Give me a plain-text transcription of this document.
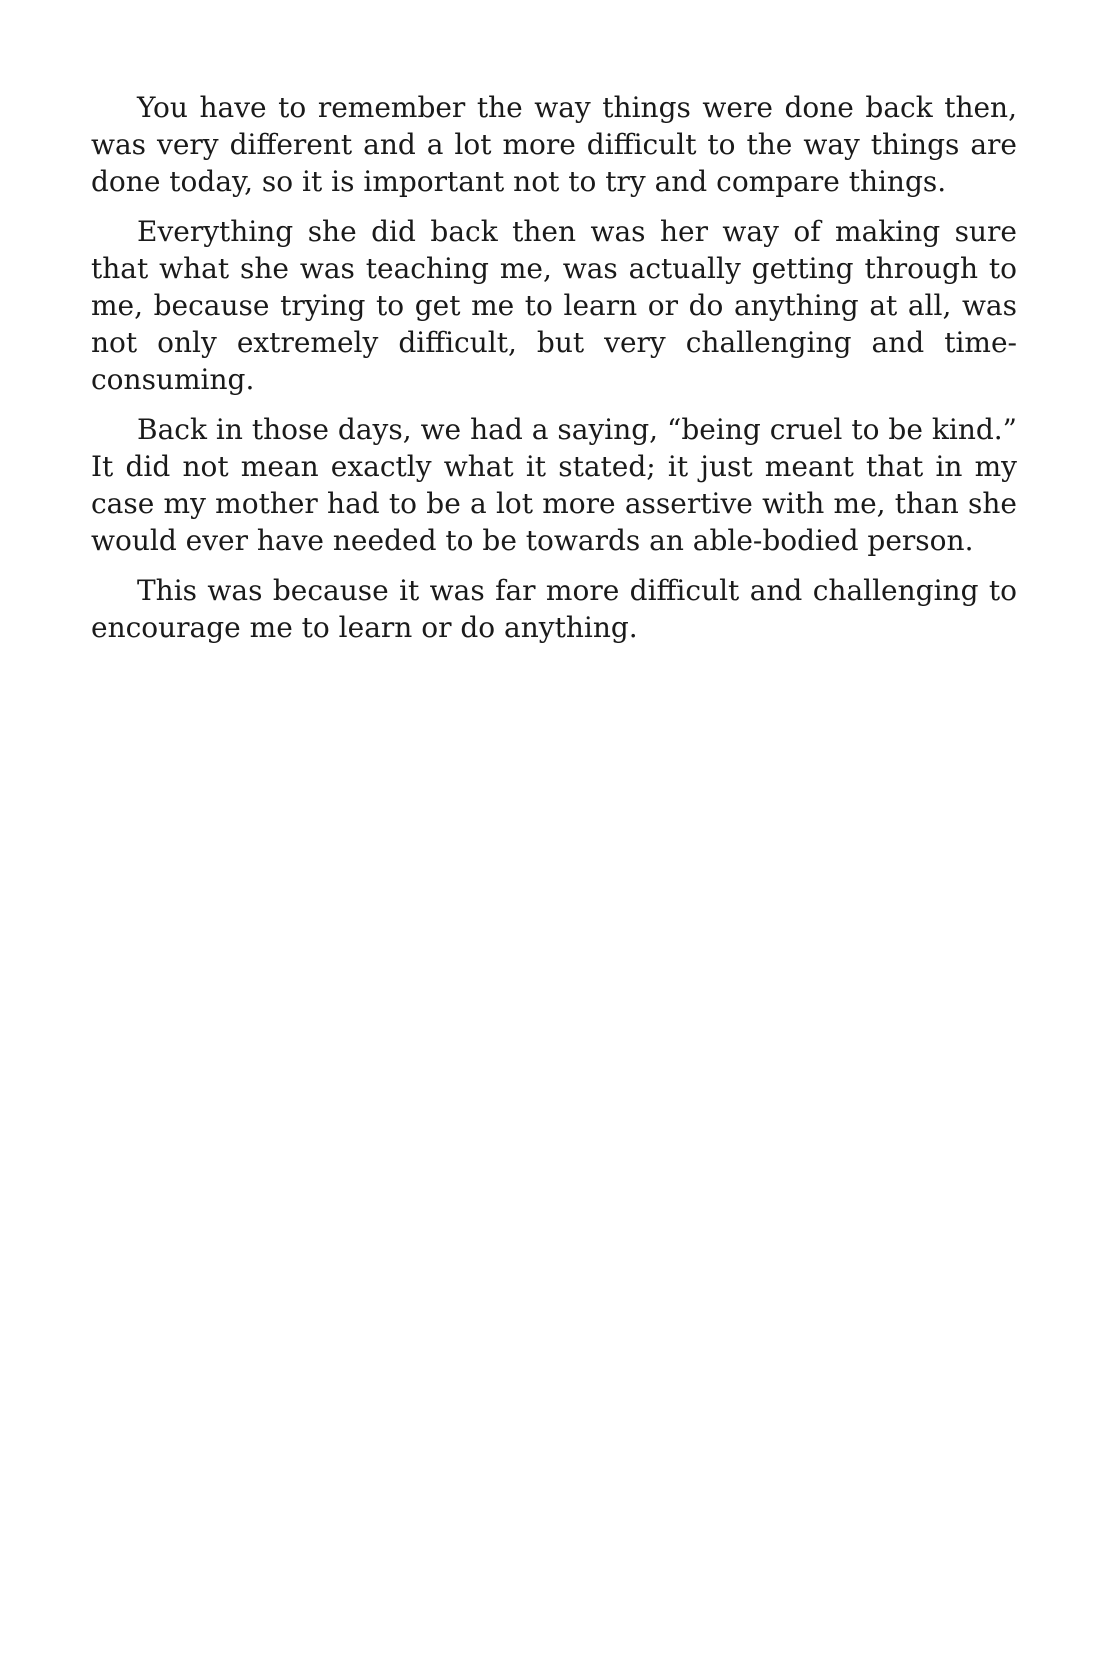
You have to remember the way things were done back then, was very different and a lot more difficult to the way things are done today, so it is important not to try and compare things.

Everything she did back then was her way of making sure that what she was teaching me, was actually getting through to me, because trying to get me to learn or do anything at all, was not only extremely difficult, but very challenging and time-consuming.

Back in those days, we had a saying, “being cruel to be kind.” It did not mean exactly what it stated; it just meant that in my case my mother had to be a lot more assertive with me, than she would ever have needed to be towards an able-bodied person.

This was because it was far more difficult and challenging to encourage me to learn or do anything.
